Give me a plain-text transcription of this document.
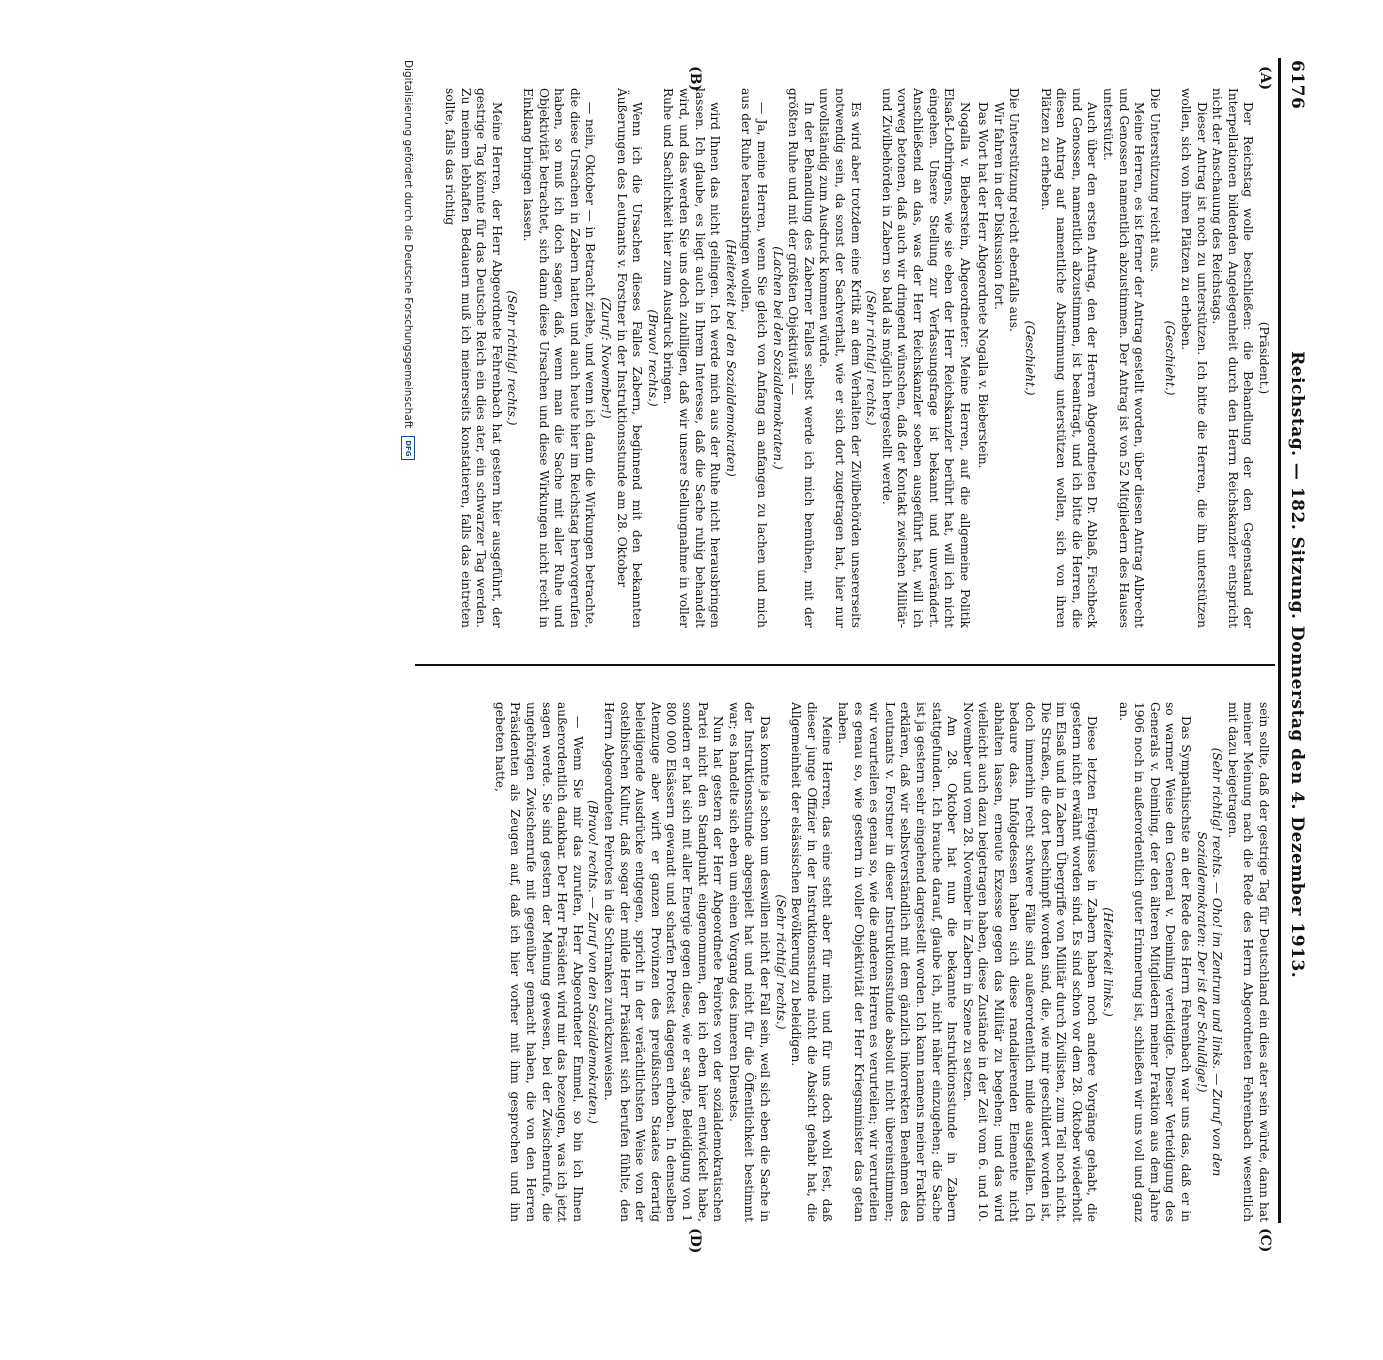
6176
Reichstag. — 182. Sitzung. Donnerstag den 4. Dezember 1913.
(A)
(B)
(C)
(D)

(Präsident.)

Der Reichstag wolle beschließen: die Behandlung der den Gegenstand der Interpellationen bildenden Angelegenheit durch den Herrn Reichskanzler entspricht nicht der Anschauung des Reichstags.

Dieser Antrag ist noch zu unterstützen. Ich bitte die Herren, die ihn unterstützen wollen, sich von ihren Plätzen zu erheben.

(Geschieht.)

Die Unterstützung reicht aus.

Meine Herren, es ist ferner der Antrag gestellt worden, über diesen Antrag Albrecht und Genossen namentlich abzustimmen. Der Antrag ist von 52 Mitgliedern des Hauses unterstützt.

Auch über den ersten Antrag, den der Herren Abgeordneten Dr. Ablaß, Fischbeck und Genossen, namentlich abzustimmen, ist beantragt, und ich bitte die Herren, die diesen Antrag auf namentliche Abstimmung unterstützen wollen, sich von ihren Plätzen zu erheben.

(Geschieht.)

Die Unterstützung reicht ebenfalls aus.

Wir fahren in der Diskussion fort.

Das Wort hat der Herr Abgeordnete Nogalla v. Bieberstein.

Nogalla v. Bieberstein, Abgeordneter: Meine Herren, auf die allgemeine Politik Elsaß-Lothringens, wie sie eben der Herr Reichskanzler berührt hat, will ich nicht eingehen. Unsere Stellung zur Verfassungsfrage ist bekannt und unverändert. Anschließend an das, was der Herr Reichskanzler soeben ausgeführt hat, will ich vorweg betonen, daß auch wir dringend wünschen, daß der Kontakt zwischen Militär- und Zivilbehörden in Zabern so bald als möglich hergestellt werde.

(Sehr richtig! rechts.)

Es wird aber trotzdem eine Kritik an dem Verhalten der Zivilbehörden unsererseits notwendig sein, da sonst der Sachverhalt, wie er sich dort zugetragen hat, hier nur unvollständig zum Ausdruck kommen würde.

In der Behandlung des Zaberner Falles selbst werde ich mich bemühen, mit der größten Ruhe und mit der größten Objektivität —

(Lachen bei den Sozialdemokraten.)

— Ja, meine Herren, wenn Sie gleich von Anfang an anfangen zu lachen und mich aus der Ruhe herausbringen wollen,

(Heiterkeit bei den Sozialdemokraten)

wird Ihnen das nicht gelingen. Ich werde mich aus der Ruhe nicht herausbringen lassen. Ich glaube, es liegt auch in Ihrem Interesse, daß die Sache ruhig behandelt wird, und das werden Sie uns doch zubilligen, daß wir unsere Stellungnahme in voller Ruhe und Sachlichkeit hier zum Ausdruck bringen.

(Bravo! rechts.)

Wenn ich die Ursachen dieses Falles Zabern, beginnend mit den bekannten Äußerungen des Leutnants v. Forstner in der Instruktionsstunde am 28. Oktober

(Zuruf: November!)

— nein, Oktober — in Betracht ziehe, und wenn ich dann die Wirkungen betrachte, die diese Ursachen in Zabern hatten und auch heute hier im Reichstag hervorgerufen haben, so muß ich doch sagen, daß, wenn man die Sache mit aller Ruhe und Objektivität betrachtet, sich dann diese Ursachen und diese Wirkungen nicht recht in Einklang bringen lassen.

(Sehr richtig! rechts.)

Meine Herren, der Herr Abgeordnete Fehrenbach hat gestern hier ausgeführt, der gestrige Tag könnte für das Deutsche Reich ein dies ater, ein schwarzer Tag werden. Zu meinem lebhaften Bedauern muß ich meinerseits konstatieren, falls das eintreten sollte, falls das richtig

sein sollte, daß der gestrige Tag für Deutschland ein dies ater sein würde, dann hat meiner Meinung nach die Rede des Herrn Abgeordneten Fehrenbach wesentlich mit dazu beigetragen.

(Sehr richtig! rechts. — Oho! im Zentrum und links. — Zuruf von den Sozialdemokraten: Der ist der Schuldige!)

Das Sympathischste an der Rede des Herrn Fehrenbach war uns das, daß er in so warmer Weise den General v. Deimling verteidigte. Dieser Verteidigung des Generals v. Deimling, der den älteren Mitgliedern meiner Fraktion aus dem Jahre 1906 noch in außerordentlich guter Erinnerung ist, schließen wir uns voll und ganz an.

(Heiterkeit links.)

Diese letzten Ereignisse in Zabern haben noch andere Vorgänge gehabt, die gestern nicht erwähnt worden sind. Es sind schon vor dem 28. Oktober wiederholt im Elsaß und in Zabern Übergriffe von Militär durch Zivilisten, zum Teil noch nicht. Die Straßen, die dort beschimpft worden sind, die, wie mir geschildert worden ist, doch immerhin recht schwere Fälle sind außerordentlich milde ausgefallen. Ich bedaure das. Infolgedessen haben sich diese randalierenden Elemente nicht abhalten lassen, erneute Exzesse gegen das Militär zu begehen; und das wird vielleicht auch dazu beigetragen haben, diese Zustände in der Zeit vom 6. und 10. November und vom 28. November in Zabern in Szene zu setzen.

Am 28. Oktober hat nun die bekannte Instruktionsstunde in Zabern stattgefunden. Ich brauche darauf, glaube ich, nicht näher einzugehen; die Sache ist ja gestern sehr eingehend dargestellt worden. Ich kann namens meiner Fraktion erklären, daß wir selbstverständlich mit dem gänzlich inkorrekten Benehmen des Leutnants v. Forstner in dieser Instruktionsstunde absolut nicht übereinstimmen; wir verurteilen es genau so, wie die anderen Herren es verurteilen; wir verurteilen es genau so, wie gestern in voller Objektivität der Herr Kriegsminister das getan haben.

Meine Herren, das eine steht aber für mich und für uns doch wohl fest, daß dieser junge Offizier in der Instruktionsstunde nicht die Absicht gehabt hat, die Allgemeinheit der elsässischen Bevölkerung zu beleidigen.

(Sehr richtig! rechts.)

Das konnte ja schon um deswillen nicht der Fall sein, weil sich eben die Sache in der Instruktionsstunde abgespielt hat und nicht für die Öffentlichkeit bestimmt war; es handelte sich eben um einen Vorgang des inneren Dienstes.

Nun hat gestern der Herr Abgeordnete Peirotes von der sozialdemokratischen Partei nicht den Standpunkt eingenommen, den ich eben hier entwickelt habe, sondern er hat sich mit aller Energie gegen diese, wie er sagte, Beleidigung von 1 800 000 Elsässern gewandt und scharfen Protest dagegen erhoben. In demselben Atemzuge aber wirft er ganzen Provinzen des preußischen Staates derartig beleidigende Ausdrücke entgegen, spricht in der verächtlichsten Weise von der ostelbischen Kultur, daß sogar der milde Herr Präsident sich berufen fühlte, den Herrn Abgeordneten Peirotes in die Schranken zurückzuweisen.

(Bravo! rechts. — Zuruf von den Sozialdemokraten.)

— Wenn Sie mir das zurufen, Herr Abgeordneter Emmel, so bin ich Ihnen außerordentlich dankbar. Der Herr Präsident wird mir das bezeugen, was ich jetzt sagen werde. Sie sind gestern der Meinung gewesen, bei der Zwischenrufe, die ungehörigen Zwischenrufe mit gegenüber gemacht haben, die von den Herren Präsidenten als Zeugen auf, daß ich hier vorher mit ihm gesprochen und ihn gebeten hatte,

Digitalisierung gefördert durch die Deutsche Forschungsgemeinschaft
DFG
